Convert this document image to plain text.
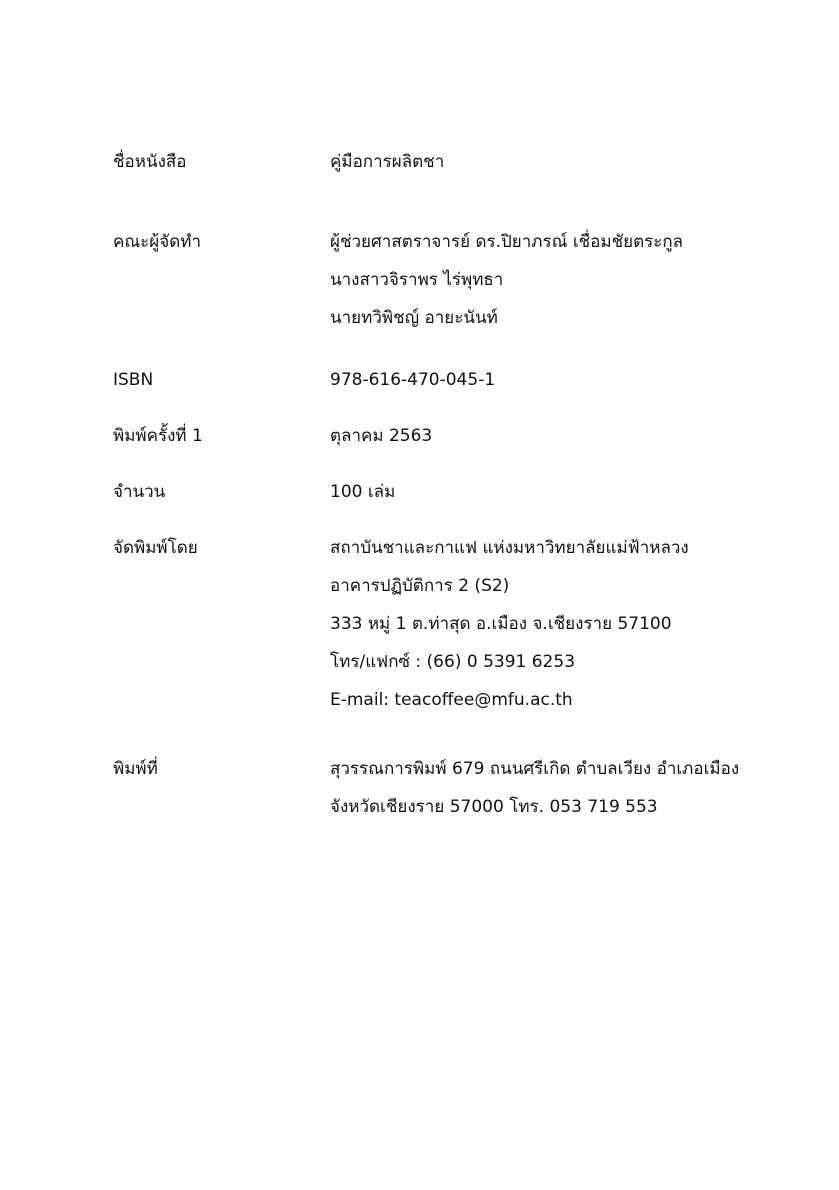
ชื่อหนังสือ	คู่มือการผลิตชา
คณะผู้จัดทำ	ผู้ช่วยศาสตราจารย์ ดร.ปิยาภรณ์ เชื่อมชัยตระกูล
นางสาวจิราพร ไร่พุทธา
นายทวิพิชญ์ อายะนันท์
ISBN	978-616-470-045-1
พิมพ์ครั้งที่ 1	ตุลาคม 2563
จำนวน	100 เล่ม
จัดพิมพ์โดย	สถาบันชาและกาแฟ แห่งมหาวิทยาลัยแม่ฟ้าหลวง
อาคารปฏิบัติการ 2 (S2)
333 หมู่ 1 ต.ท่าสุด อ.เมือง จ.เชียงราย 57100
โทร/แฟกซ์ : (66) 0 5391 6253
E-mail: teacoffee@mfu.ac.th
พิมพ์ที่	สุวรรณการพิมพ์ 679 ถนนศรีเกิด ตำบลเวียง อำเภอเมือง
จังหวัดเชียงราย 57000 โทร. 053 719 553
